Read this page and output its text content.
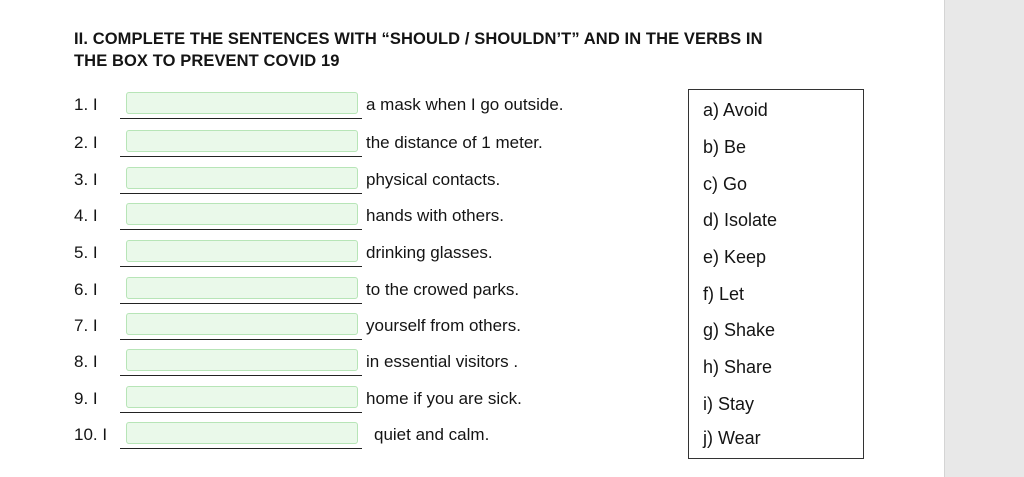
II. COMPLETE THE SENTENCES WITH “SHOULD / SHOULDN’T” AND IN THE VERBS IN
THE BOX TO PREVENT COVID 19
1. I	a mask when I go outside.
2. I	the distance of 1 meter.
3. I	physical contacts.
4. I	hands with others.
5. I	drinking glasses.
6. I	to the crowed parks.
7. I	yourself from others.
8. I	in essential visitors .
9. I	home if you are sick.
10. I	quiet and calm.
a) Avoid
b) Be
c) Go
d) Isolate
e) Keep
f) Let
g) Shake
h) Share
i) Stay
j) Wear
